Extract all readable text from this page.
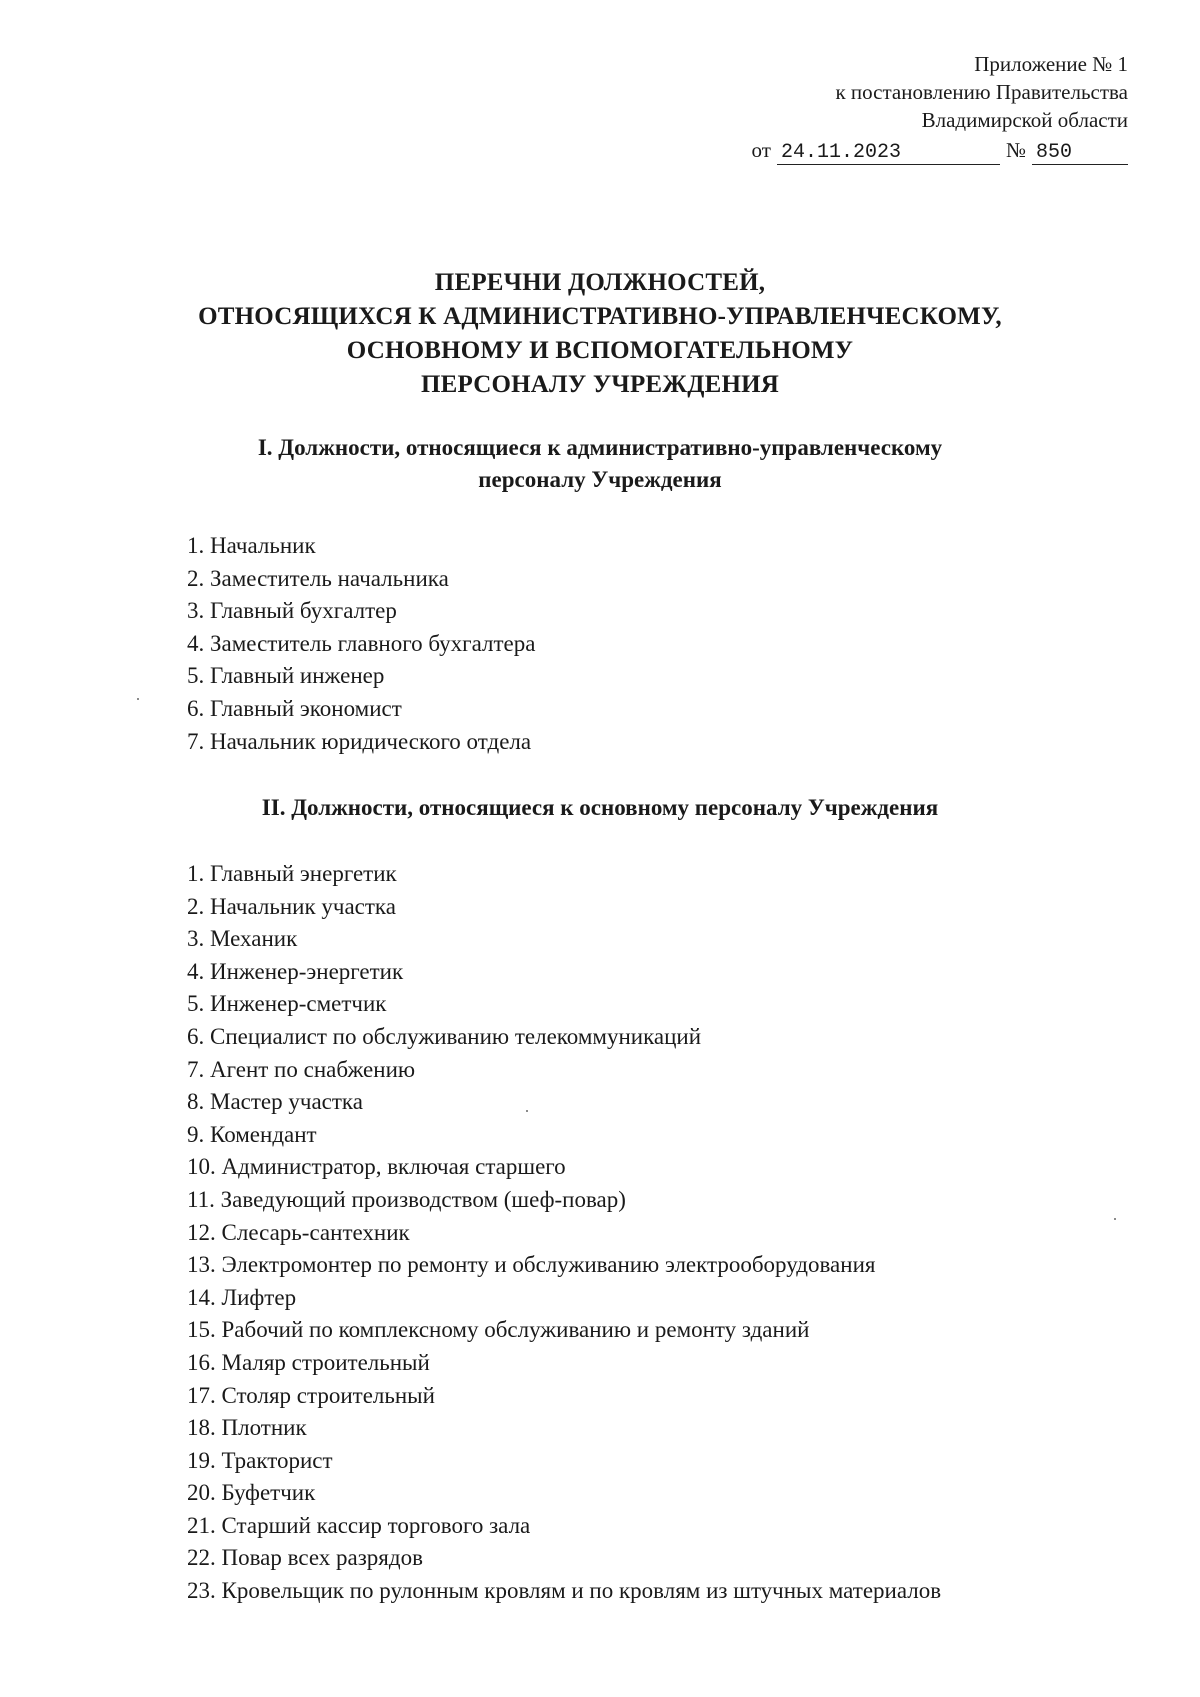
Приложение № 1
к постановлению Правительства
Владимирской области
от 24.11.2023	№ 850
ПЕРЕЧНИ ДОЛЖНОСТЕЙ,
ОТНОСЯЩИХСЯ К АДМИНИСТРАТИВНО-УПРАВЛЕНЧЕСКОМУ,
ОСНОВНОМУ И ВСПОМОГАТЕЛЬНОМУ
ПЕРСОНАЛУ УЧРЕЖДЕНИЯ
I. Должности, относящиеся к административно-управленческому
персоналу Учреждения
1. Начальник
2. Заместитель начальника
3. Главный бухгалтер
4. Заместитель главного бухгалтера
5. Главный инженер
6. Главный экономист
7. Начальник юридического отдела
II. Должности, относящиеся к основному персоналу Учреждения
1. Главный энергетик
2. Начальник участка
3. Механик
4. Инженер-энергетик
5. Инженер-сметчик
6. Специалист по обслуживанию телекоммуникаций
7. Агент по снабжению
8. Мастер участка
9. Комендант
10. Администратор, включая старшего
11. Заведующий производством (шеф-повар)
12. Слесарь-сантехник
13. Электромонтер по ремонту и обслуживанию электрооборудования
14. Лифтер
15. Рабочий по комплексному обслуживанию и ремонту зданий
16. Маляр строительный
17. Столяр строительный
18. Плотник
19. Тракторист
20. Буфетчик
21. Старший кассир торгового зала
22. Повар всех разрядов
23. Кровельщик по рулонным кровлям и по кровлям из штучных материалов
